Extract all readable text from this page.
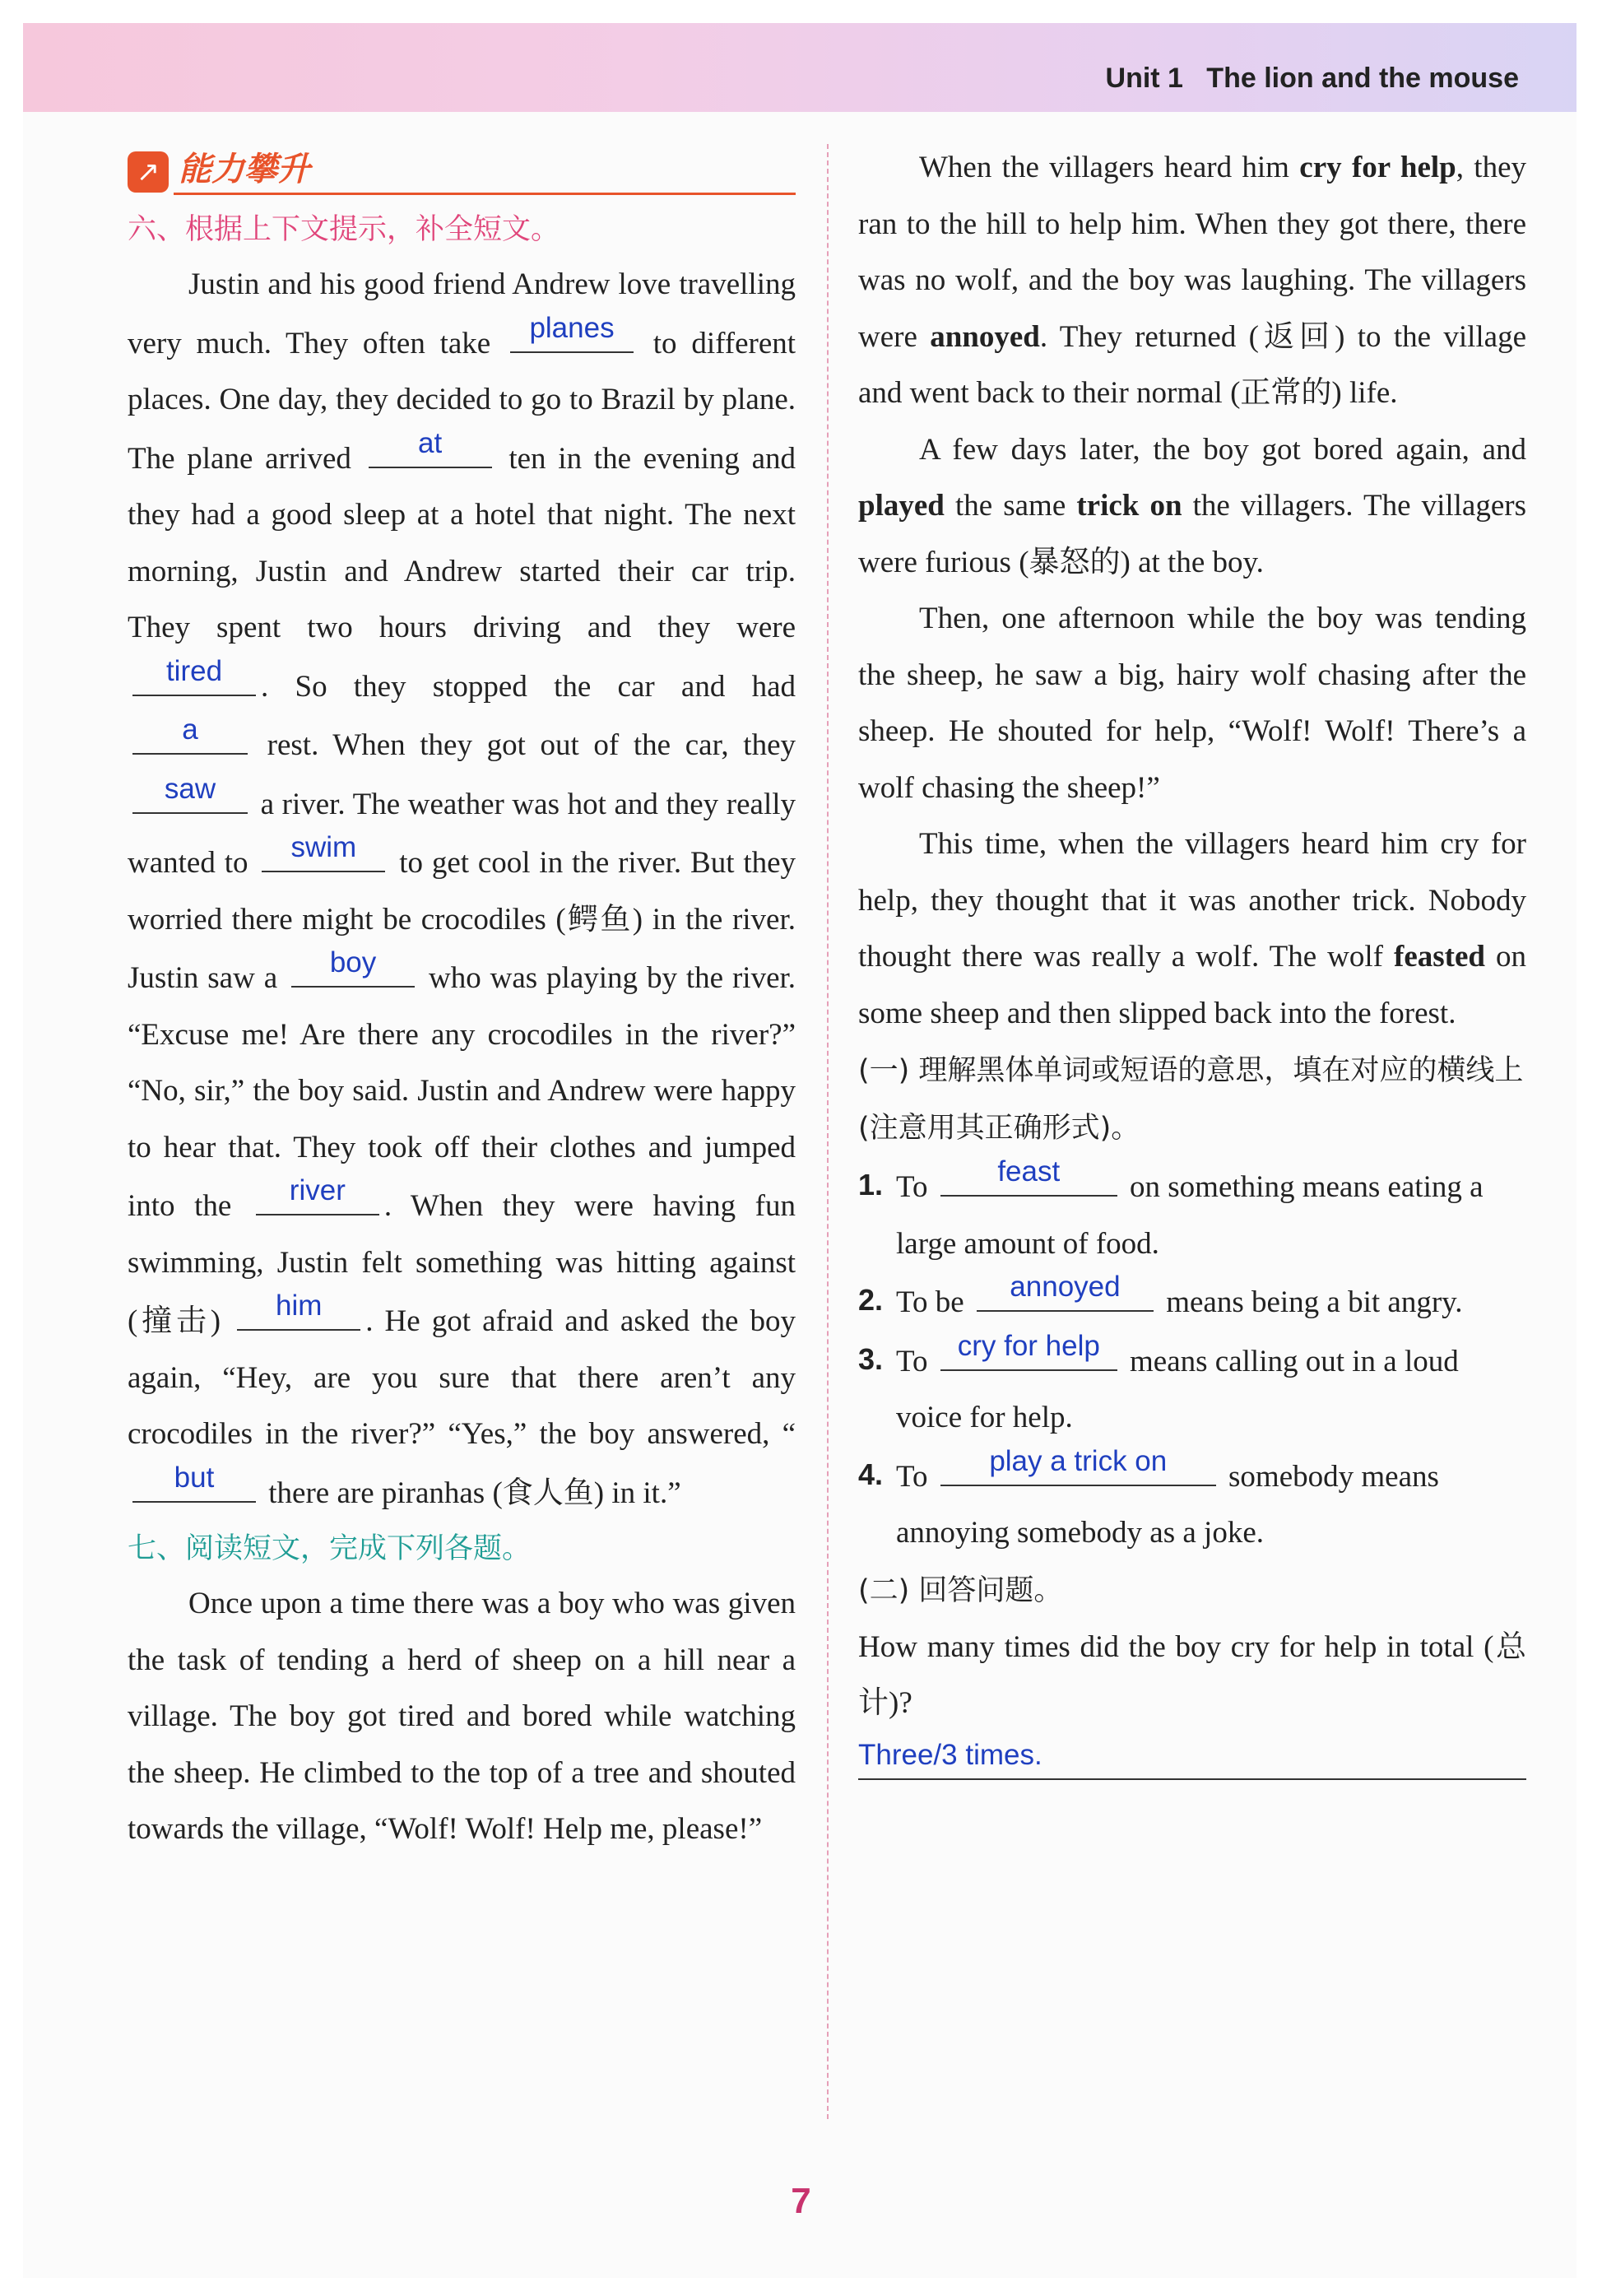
Unit 1   The lion and the mouse
↗ 能力攀升
六、根据上下文提示，补全短文。

Justin and his good friend Andrew love travelling very much. They often take	planes	to different places. One day, they decided to go to Brazil by plane. The plane arrived	at	ten in the evening and they had a good sleep at a hotel that night. The next morning, Justin and Andrew started their car trip. They spent two hours driving and they were
tired	. So they stopped the car and had
a	rest. When they got out of the car, they
saw	a river. The weather was hot and they really wanted to	swim	to get cool in the river. But they worried there might be crocodiles (鳄鱼) in the river. Justin saw a	boy	who was playing by the river. “Excuse me! Are there any crocodiles in the river?” “No, sir,” the boy said. Justin and Andrew were happy to hear that. They took off their clothes and jumped into the	river	. When they were having fun swimming, Justin felt something was hitting against (撞击)	him	. He got afraid and asked the boy again, “Hey, are you sure that there aren’t any crocodiles in the river?” “Yes,” the boy answered, “
but	there are piranhas (食人鱼) in it.”

七、阅读短文，完成下列各题。

Once upon a time there was a boy who was given the task of tending a herd of sheep on a hill near a village. The boy got tired and bored while watching the sheep. He climbed to the top of a tree and shouted towards the village, “Wolf! Wolf! Help me, please!”

When the villagers heard him cry for help, they ran to the hill to help him. When they got there, there was no wolf, and the boy was laughing. The villagers were annoyed. They returned (返回) to the village and went back to their normal (正常的) life.

A few days later, the boy got bored again, and played the same trick on the villagers. The villagers were furious (暴怒的) at the boy.

Then, one afternoon while the boy was tending the sheep, he saw a big, hairy wolf chasing after the sheep. He shouted for help, “Wolf! Wolf! There’s a wolf chasing the sheep!”

This time, when the villagers heard him cry for help, they thought that it was another trick. Nobody thought there was really a wolf. The wolf feasted on some sheep and then slipped back into the forest.

(一) 理解黑体单词或短语的意思，填在对应的横线上(注意用其正确形式)。
1. To	feast	on something means eating a large amount of food.
2. To be	annoyed	means being a bit angry.
3. To	cry for help means calling out in a loud voice for help.
4. To	play a trick on	somebody means annoying somebody as a joke.
(二) 回答问题。

How many times did the boy cry for help in total (总计)?

Three/3 times.
7
